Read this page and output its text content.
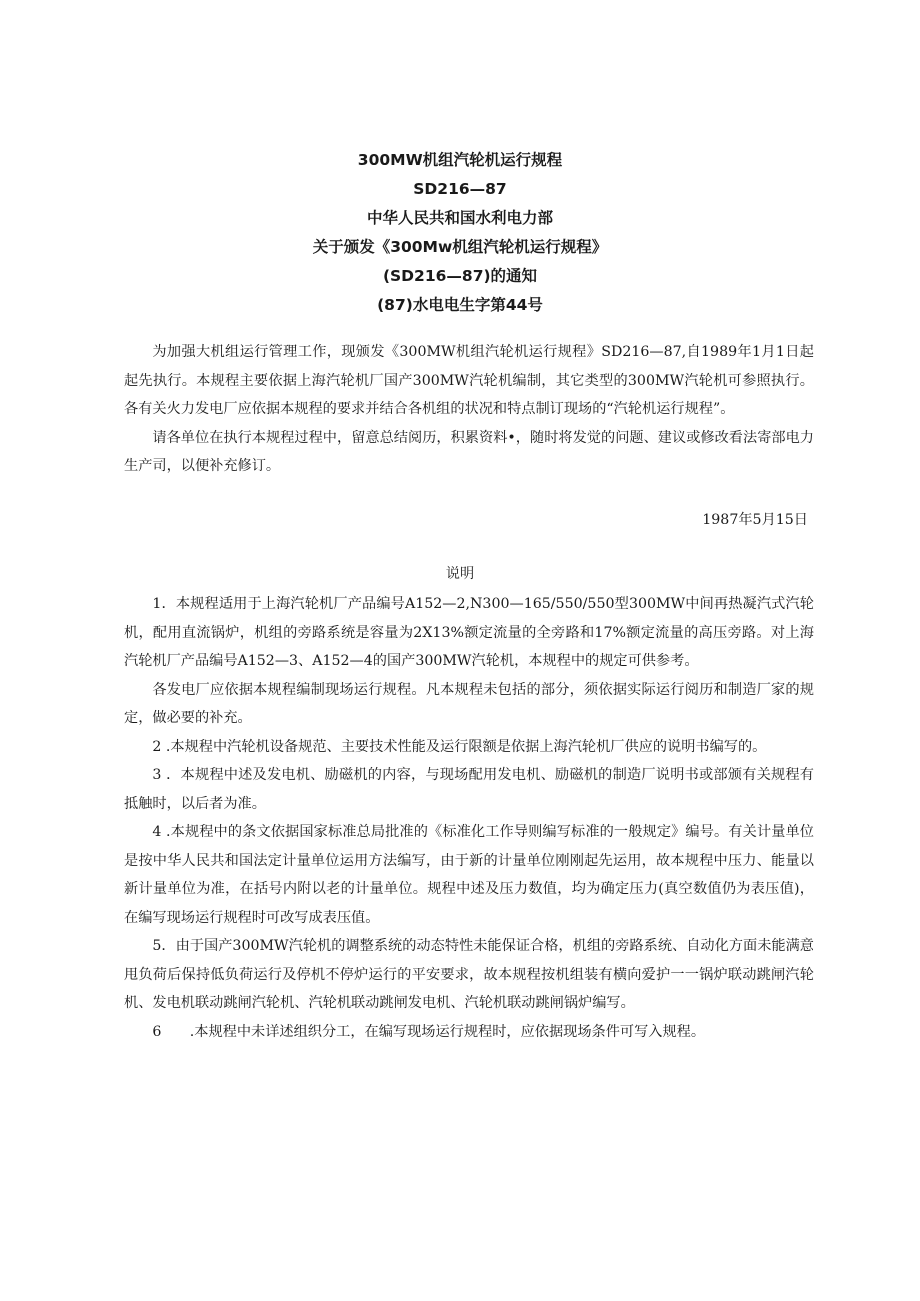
300MW机组汽轮机运行规程
SD216—87
中华人民共和国水利电力部
关于颁发《300Mw机组汽轮机运行规程》
(SD216—87)的通知
(87)水电电生字第44号

为加强大机组运行管理工作，现颁发《300MW机组汽轮机运行规程》SD216—87,自1989年1月1日起起先执行。本规程主要依据上海汽轮机厂国产300MW汽轮机编制，其它类型的300MW汽轮机可参照执行。各有关火力发电厂应依据本规程的要求并结合各机组的状况和特点制订现场的“汽轮机运行规程”。

请各单位在执行本规程过程中，留意总结阅历，积累资料•，随时将发觉的问题、建议或修改看法寄部电力生产司，以便补充修订。

1987年5月15日
说明

1．本规程适用于上海汽轮机厂产品编号A152—2,N300—165/550/550型300MW中间再热凝汽式汽轮机，配用直流锅炉，机组的旁路系统是容量为2X13%额定流量的全旁路和17%额定流量的高压旁路。对上海汽轮机厂产品编号A152—3、A152—4的国产300MW汽轮机，本规程中的规定可供参考。

各发电厂应依据本规程编制现场运行规程。凡本规程未包括的部分，须依据实际运行阅历和制造厂家的规定，做必要的补充。

2 .本规程中汽轮机设备规范、主要技术性能及运行限额是依据上海汽轮机厂供应的说明书编写的。

3 ．本规程中述及发电机、励磁机的内容，与现场配用发电机、励磁机的制造厂说明书或部颁有关规程有抵触时，以后者为准。

4 .本规程中的条文依据国家标准总局批准的《标准化工作导则编写标准的一般规定》编号。有关计量单位是按中华人民共和国法定计量单位运用方法编写，由于新的计量单位刚刚起先运用，故本规程中压力、能量以新计量单位为准，在括号内附以老的计量单位。规程中述及压力数值，均为确定压力(真空数值仍为表压值)，在编写现场运行规程时可改写成表压值。

5．由于国产300MW汽轮机的调整系统的动态特性未能保证合格，机组的旁路系统、自动化方面未能满意甩负荷后保持低负荷运行及停机不停炉运行的平安要求，故本规程按机组装有横向爱护一一锅炉联动跳闸汽轮机、发电机联动跳闸汽轮机、汽轮机联动跳闸发电机、汽轮机联动跳闸锅炉编写。

6　　.本规程中未详述组织分工，在编写现场运行规程时，应依据现场条件可写入规程。
